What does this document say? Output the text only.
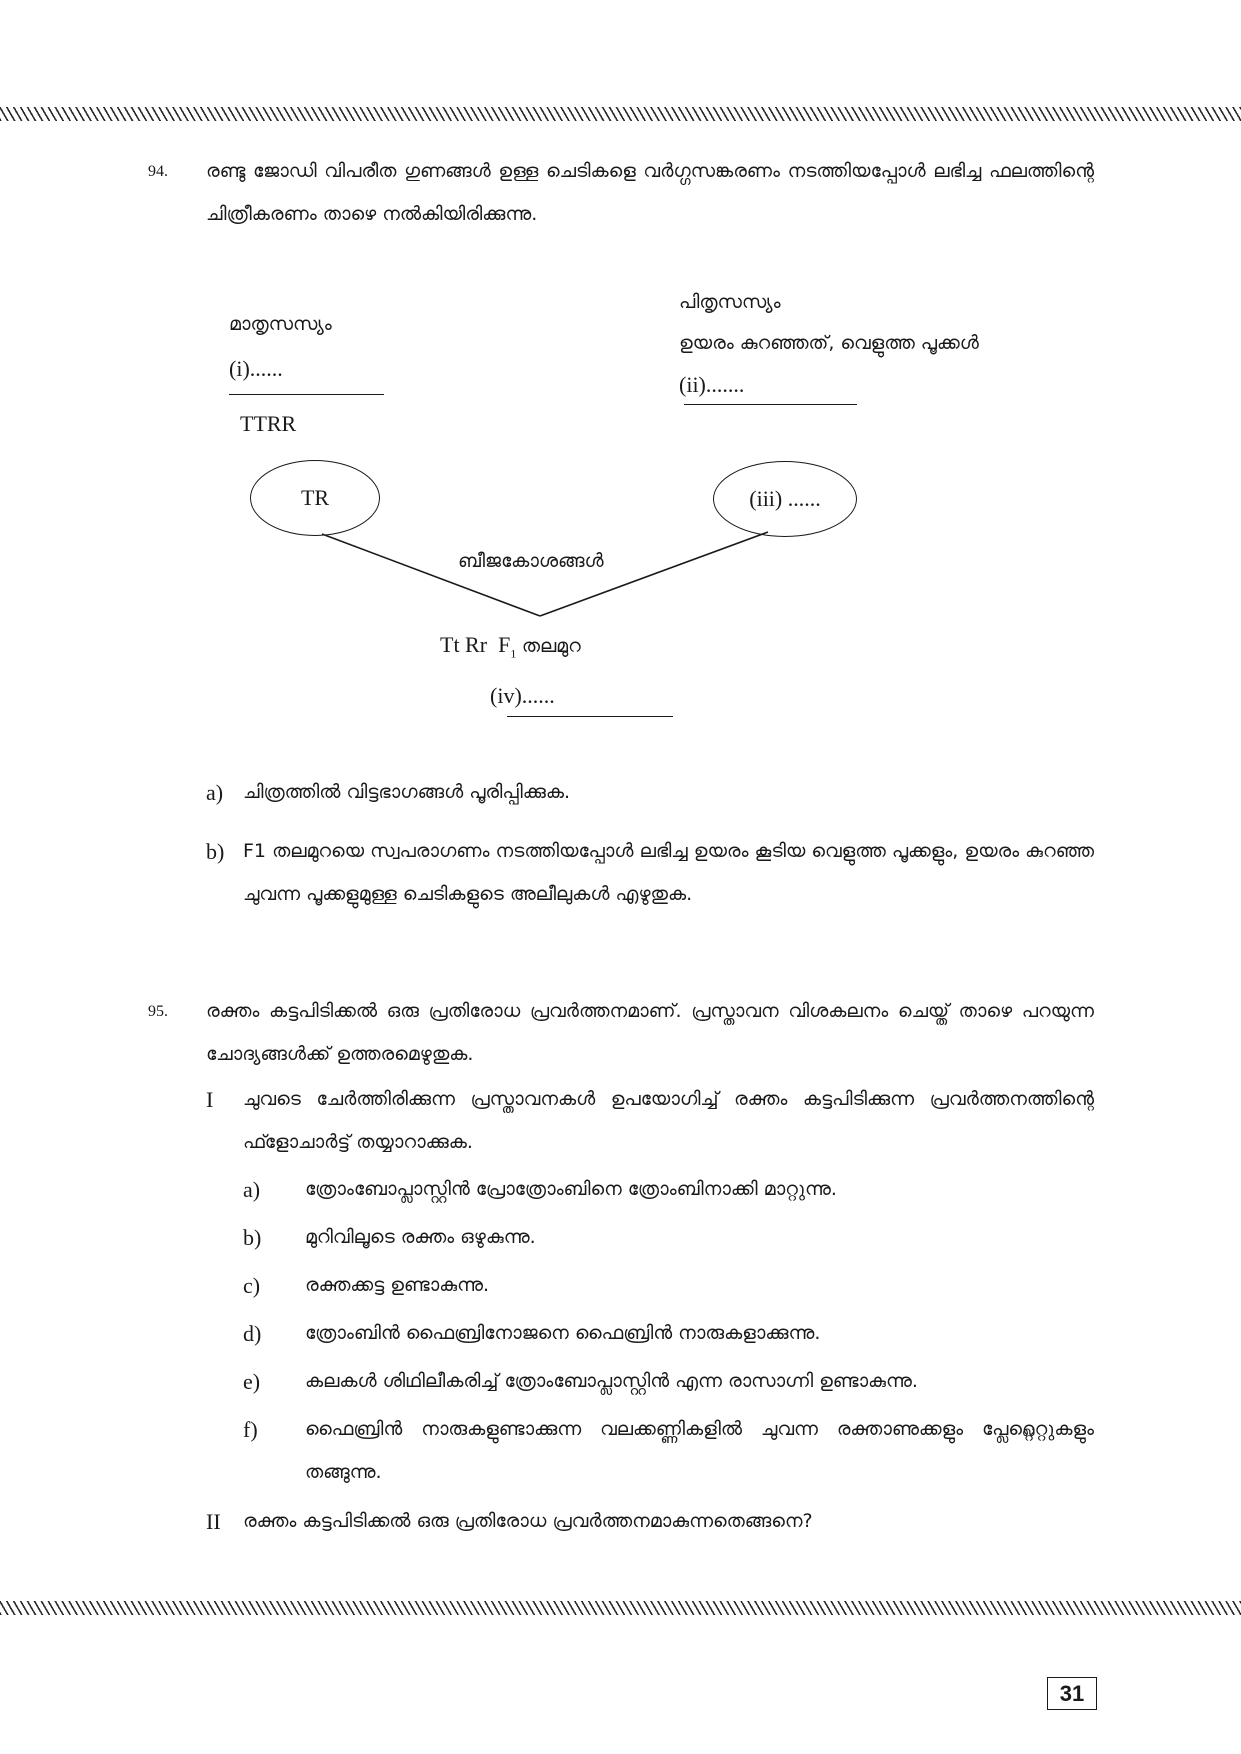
94. രണ്ടു ജോഡി വിപരീത ഗുണങ്ങൾ ഉള്ള ചെടികളെ വർഗ്ഗസങ്കരണം നടത്തിയപ്പോൾ ലഭിച്ച ഫലത്തിന്റെ ചിത്രീകരണം താഴെ നൽകിയിരിക്കുന്നു.

മാതൃസസ്യം
(i)......
TTRR
പിതൃസസ്യം
ഉയരം കുറഞ്ഞത്, വെളുത്ത പൂക്കൾ
(ii).......
TR	(iii) ......
ബീജകോശങ്ങൾ
Tt Rr $F_1$ തലമുറ
(iv)......
a) ചിത്രത്തിൽ വിട്ടഭാഗങ്ങൾ പൂരിപ്പിക്കുക.
b) F1 തലമുറയെ സ്വപരാഗണം നടത്തിയപ്പോൾ ലഭിച്ച ഉയരം കൂടിയ വെളുത്ത പൂക്കളും, ഉയരം കുറഞ്ഞ ചുവന്ന പൂക്കളുമുള്ള ചെടികളുടെ അലീലുകൾ എഴുതുക.
95. രക്തം കട്ടപിടിക്കൽ ഒരു പ്രതിരോധ പ്രവർത്തനമാണ്. പ്രസ്താവന വിശകലനം ചെയ്ത് താഴെ പറയുന്ന ചോദ്യങ്ങൾക്ക് ഉത്തരമെഴുതുക.

I ചുവടെ ചേർത്തിരിക്കുന്ന പ്രസ്താവനകൾ ഉപയോഗിച്ച് രക്തം കട്ടപിടിക്കുന്ന പ്രവർത്തനത്തിന്റെ ഫ്ളോചാർട്ട് തയ്യാറാക്കുക.
a) ത്രോംബോപ്ലാസ്റ്റിൻ പ്രോത്രോംബിനെ ത്രോംബിനാക്കി മാറ്റുന്നു.
b) മുറിവിലൂടെ രക്തം ഒഴുകുന്നു.
c) രക്തക്കട്ട ഉണ്ടാകുന്നു.
d) ത്രോംബിൻ ഫൈബ്രിനോജനെ ഫൈബ്രിൻ നാരുകളാക്കുന്നു.
e) കലകൾ ശിഥിലീകരിച്ച് ത്രോംബോപ്ലാസ്റ്റിൻ എന്ന രാസാഗ്നി ഉണ്ടാകുന്നു.
f) ഫൈബ്രിൻ നാരുകളുണ്ടാക്കുന്ന വലക്കണ്ണികളിൽ ചുവന്ന രക്താണുക്കളും പ്ലേറ്റ്ലെറ്റുകളും തങ്ങുന്നു.
II രക്തം കട്ടപിടിക്കൽ ഒരു പ്രതിരോധ പ്രവർത്തനമാകുന്നതെങ്ങനെ?
31
